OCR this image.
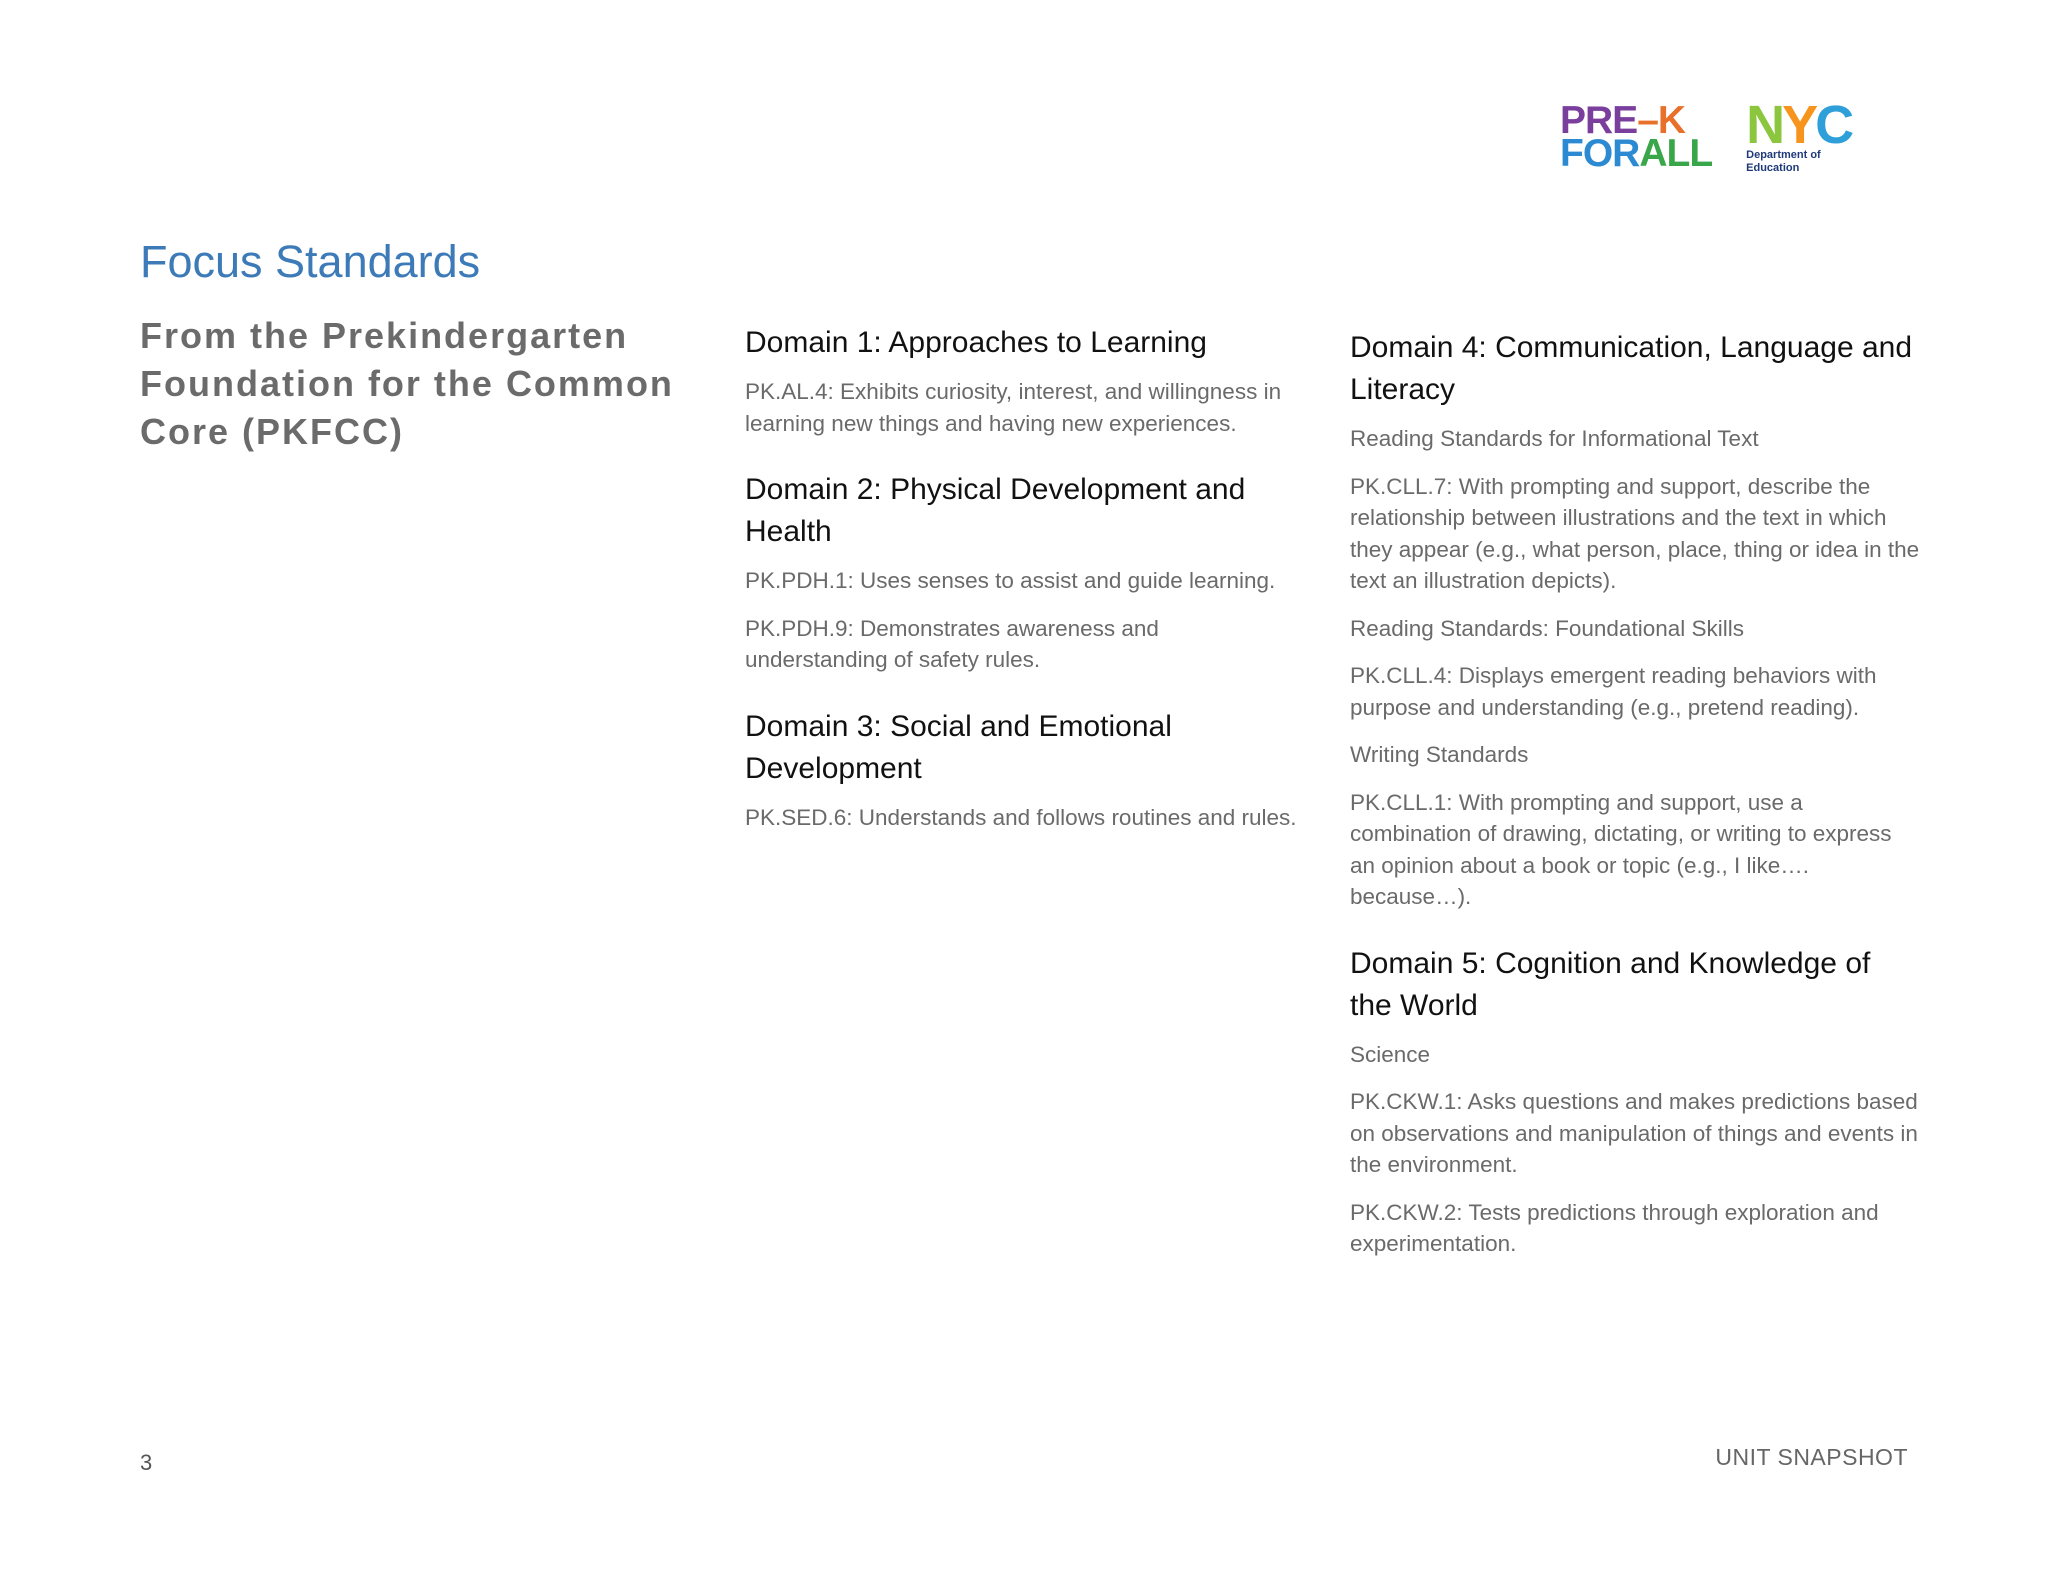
PRE–K
FORALL NYC
Department of
Education
Focus Standards

From the Prekindergarten Foundation for the Common Core (PKFCC)

Domain 1: Approaches to Learning

PK.AL.4: Exhibits curiosity, interest, and willingness in learning new things and having new experiences.

Domain 2: Physical Development and Health

PK.PDH.1: Uses senses to assist and guide learning.

PK.PDH.9: Demonstrates awareness and understanding of safety rules.

Domain 3: Social and Emotional Development

PK.SED.6: Understands and follows routines and rules.

Domain 4: Communication, Language and Literacy

Reading Standards for Informational Text

PK.CLL.7: With prompting and support, describe the relationship between illustrations and the text in which they appear (e.g., what person, place, thing or idea in the text an illustration depicts).

Reading Standards: Foundational Skills

PK.CLL.4: Displays emergent reading behaviors with purpose and understanding (e.g., pretend reading).

Writing Standards

PK.CLL.1: With prompting and support, use a combination of drawing, dictating, or writing to express an opinion about a book or topic (e.g., I like…. because…).

Domain 5: Cognition and Knowledge of the World

Science

PK.CKW.1: Asks questions and makes predictions based on observations and manipulation of things and events in the environment.

PK.CKW.2: Tests predictions through exploration and experimentation.

3	UNIT SNAPSHOT
